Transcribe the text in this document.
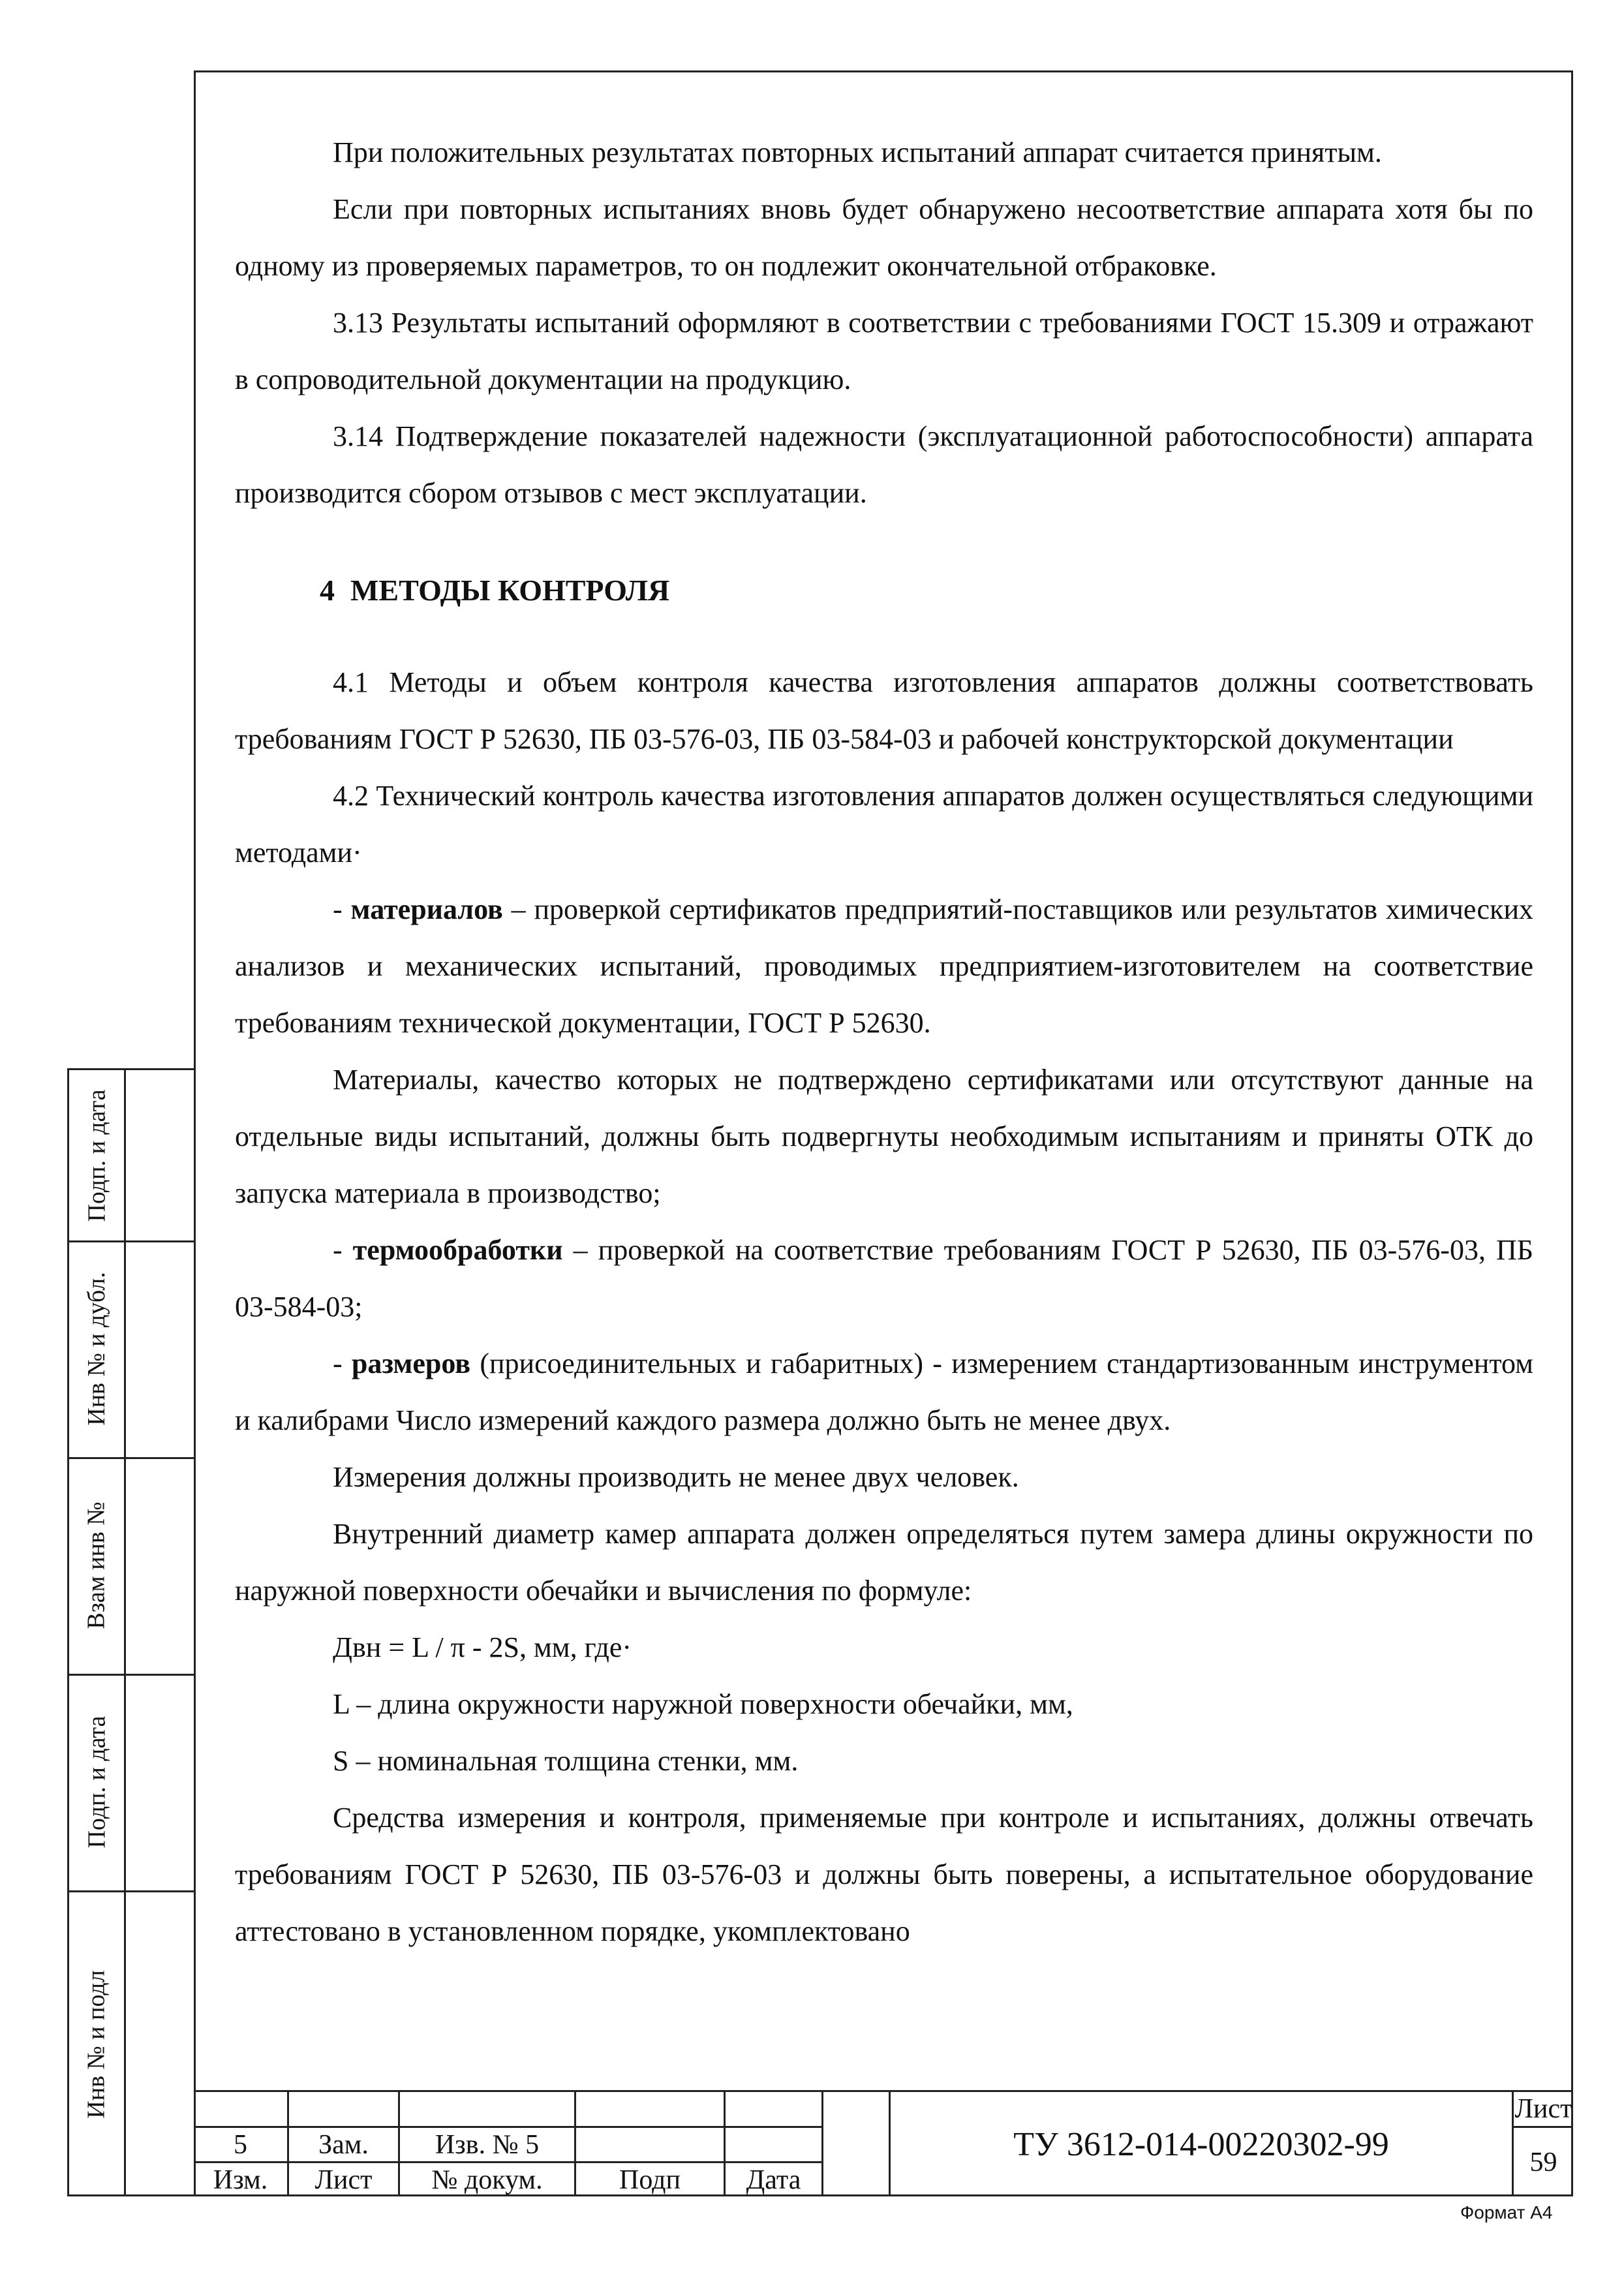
Подп. и дата
Инв № и дубл.
Взам инв №
Подп. и дата
Инв № и подл

При положительных результатах повторных испытаний аппарат считается принятым.

Если при повторных испытаниях вновь будет обнаружено несоответствие аппарата хотя бы по одному из проверяемых параметров, то он подлежит окончательной отбраковке.

3.13 Результаты испытаний оформляют в соответствии с требованиями ГОСТ 15.309 и отражают в сопроводительной документации на продукцию.

3.14 Подтверждение показателей надежности (эксплуатационной работоспособности) аппарата производится сбором отзывов с мест эксплуатации.

4 МЕТОДЫ КОНТРОЛЯ

4.1 Методы и объем контроля качества изготовления аппаратов должны соответствовать требованиям ГОСТ Р 52630, ПБ 03-576-03, ПБ 03-584-03 и рабочей конструкторской документации

4.2 Технический контроль качества изготовления аппаратов должен осуществляться следующими методами·

- материалов – проверкой сертификатов предприятий-поставщиков или результатов химических анализов и механических испытаний, проводимых предприятием-изготовителем на соответствие требованиям технической документации, ГОСТ Р 52630.

Материалы, качество которых не подтверждено сертификатами или отсутствуют данные на отдельные виды испытаний, должны быть подвергнуты необходимым испытаниям и приняты ОТК до запуска материала в производство;

- термообработки – проверкой на соответствие требованиям ГОСТ Р 52630, ПБ 03-576-03, ПБ 03-584-03;

- размеров (присоединительных и габаритных) - измерением стандартизованным инструментом и калибрами Число измерений каждого размера должно быть не менее двух.

Измерения должны производить не менее двух человек.

Внутренний диаметр камер аппарата должен определяться путем замера длины окружности по наружной поверхности обечайки и вычисления по формуле:

Двн = L / π - 2S, мм, где·

L – длина окружности наружной поверхности обечайки, мм,

S – номинальная толщина стенки, мм.

Средства измерения и контроля, применяемые при контроле и испытаниях, должны отвечать требованиям ГОСТ Р 52630, ПБ 03-576-03 и должны быть поверены, а испытательное оборудование аттестовано в установленном порядке, укомплектовано

5	Зам.	Изв. № 5
Изм.	Лист	№ докум.	Подп	Дата
ТУ 3612-014-00220302-99
Лист
59
Формат А4
